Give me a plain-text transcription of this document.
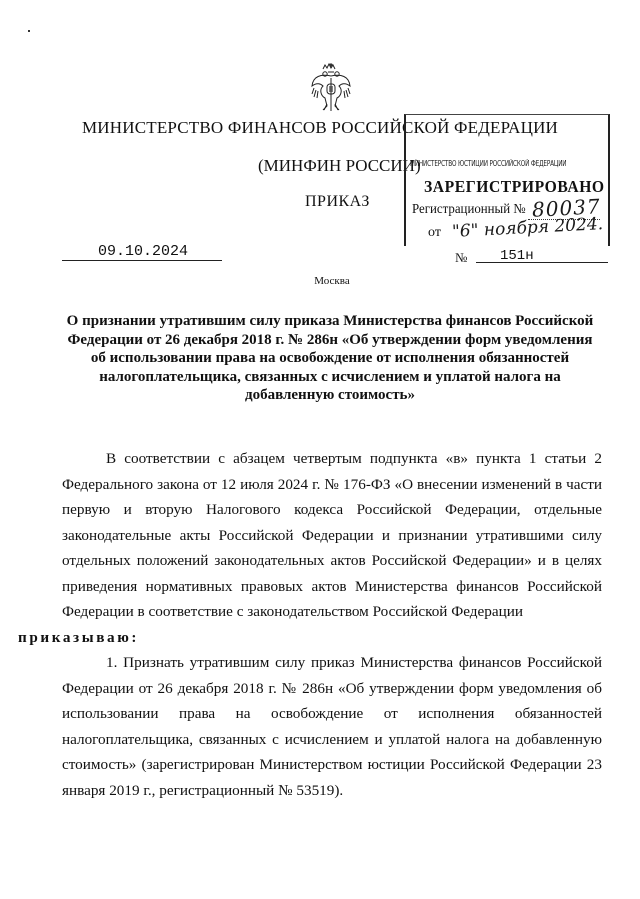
МИНИСТЕРСТВО ФИНАНСОВ РОССИЙСКОЙ ФЕДЕРАЦИИ
(МИНФИН РОССИИ)
ПРИКАЗ
МИНИСТЕРСТВО ЮСТИЦИИ РОССИЙСКОЙ ФЕДЕРАЦИИ
ЗАРЕГИСТРИРОВАНО
Регистрационный № 80037
от "6" ноября 2024.
09.10.2024	№ 151н
Москва
О признании утратившим силу приказа Министерства финансов Российской Федерации от 26 декабря 2018 г. № 286н «Об утверждении форм уведомления об использовании права на освобождение от исполнения обязанностей налогоплательщика, связанных с исчислением и уплатой налога на добавленную стоимость»

В соответствии с абзацем четвертым подпункта «в» пункта 1 статьи 2 Федерального закона от 12 июля 2024 г. № 176-ФЗ «О внесении изменений в части первую и вторую Налогового кодекса Российской Федерации, отдельные законодательные акты Российской Федерации и признании утратившими силу отдельных положений законодательных актов Российской Федерации» и в целях приведения нормативных правовых актов Министерства финансов Российской Федерации в соответствие с законодательством Российской Федерации
приказываю:

1. Признать утратившим силу приказ Министерства финансов Российской Федерации от 26 декабря 2018 г. № 286н «Об утверждении форм уведомления об использовании права на освобождение от исполнения обязанностей налогоплательщика, связанных с исчислением и уплатой налога на добавленную стоимость» (зарегистрирован Министерством юстиции Российской Федерации 23 января 2019 г., регистрационный № 53519).
